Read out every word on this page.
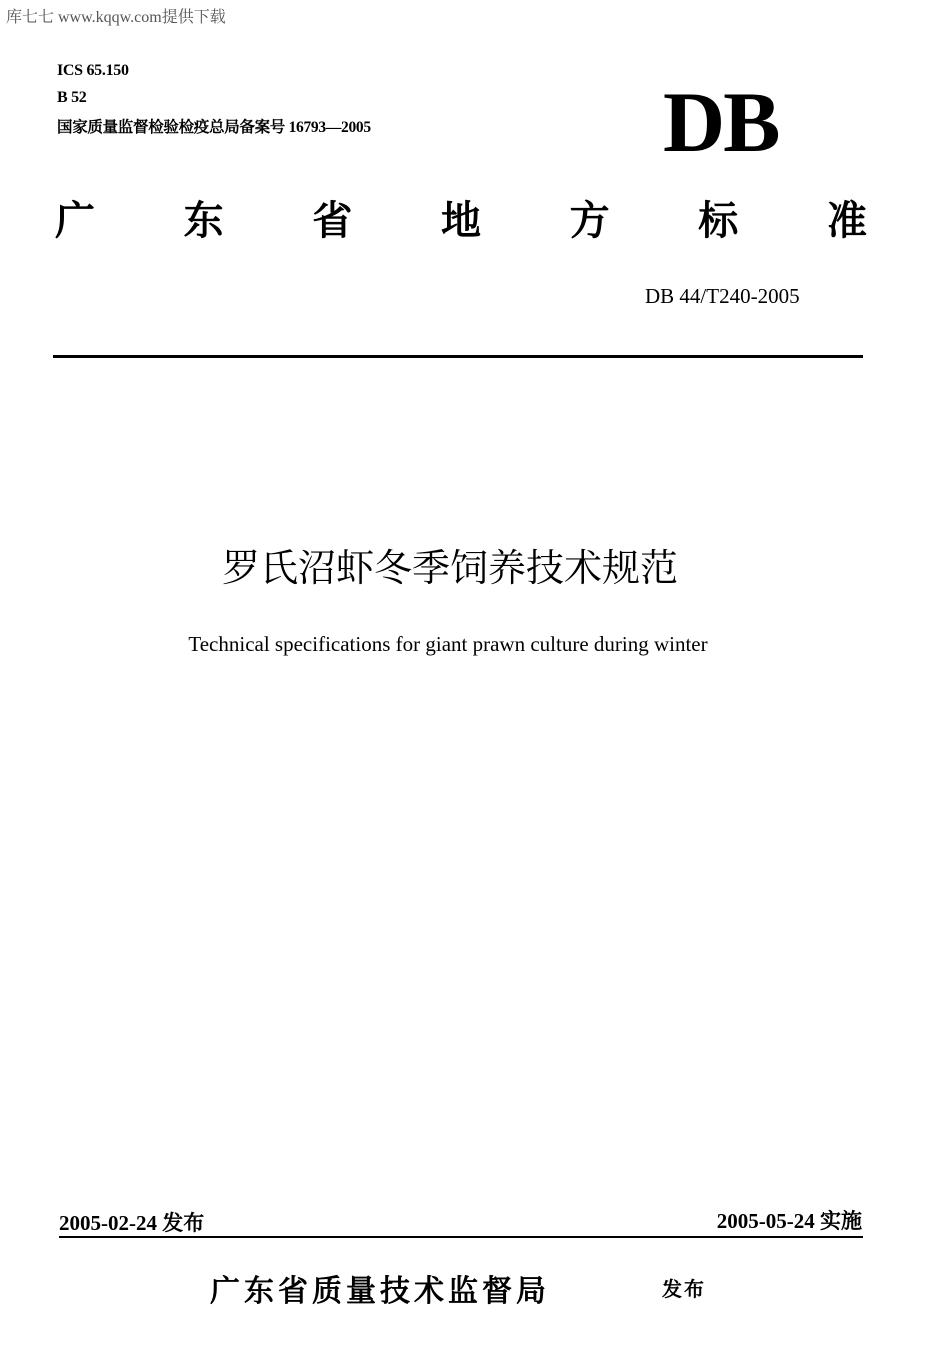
库七七 www.kqqw.com提供下载
ICS 65.150
B 52
国家质量监督检验检疫总局备案号 16793—2005	DB
广 东 省 地 方 标 准
DB 44/T240-2005
罗氏沼虾冬季饲养技术规范
Technical specifications for giant prawn culture during winter
2005-02-24 发布	2005-05-24 实施
广东省质量技术监督局	发布
